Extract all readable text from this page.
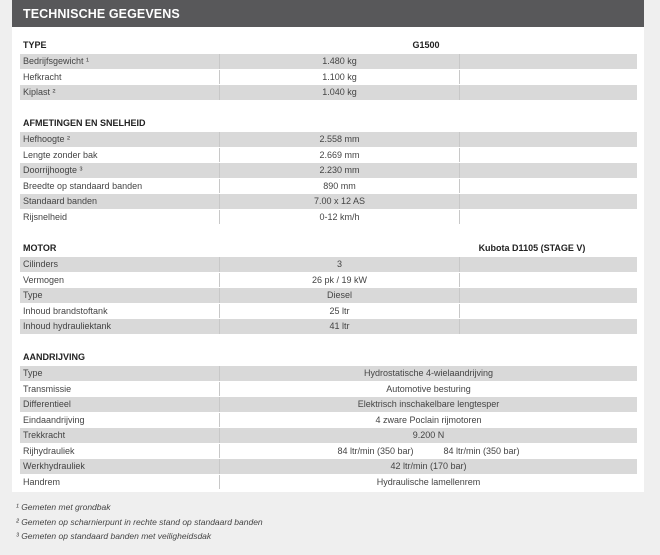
TECHNISCHE GEGEVENS
TYPE	G1500
Bedrijfsgewicht ¹	1.480 kg
Hefkracht	1.100 kg
Kiplast ²	1.040 kg
AFMETINGEN EN SNELHEID
Hefhoogte ²	2.558 mm
Lengte zonder bak	2.669 mm
Doorrijhoogte ³	2.230 mm
Breedte op standaard banden	890 mm
Standaard banden	7.00 x 12 AS
Rijsnelheid	0-12 km/h
MOTOR	Kubota D1105 (STAGE V)
Cilinders	3
Vermogen	26 pk / 19 kW
Type	Diesel
Inhoud brandstoftank	25 ltr
Inhoud hydrauliektank	41 ltr
AANDRIJVING
Type	Hydrostatische 4-wielaandrijving
Transmissie	Automotive besturing
Differentieel	Elektrisch inschakelbare lengtesper
Eindaandrijving	4 zware Poclain rijmotoren
Trekkracht	9.200 N
Rijhydrauliek	84 ltr/min (350 bar)	84 ltr/min (350 bar)
Werkhydrauliek	42 ltr/min (170 bar)
Handrem	Hydraulische lamellenrem
¹ Gemeten met grondbak
² Gemeten op scharnierpunt in rechte stand op standaard banden
³ Gemeten op standaard banden met veiligheidsdak
